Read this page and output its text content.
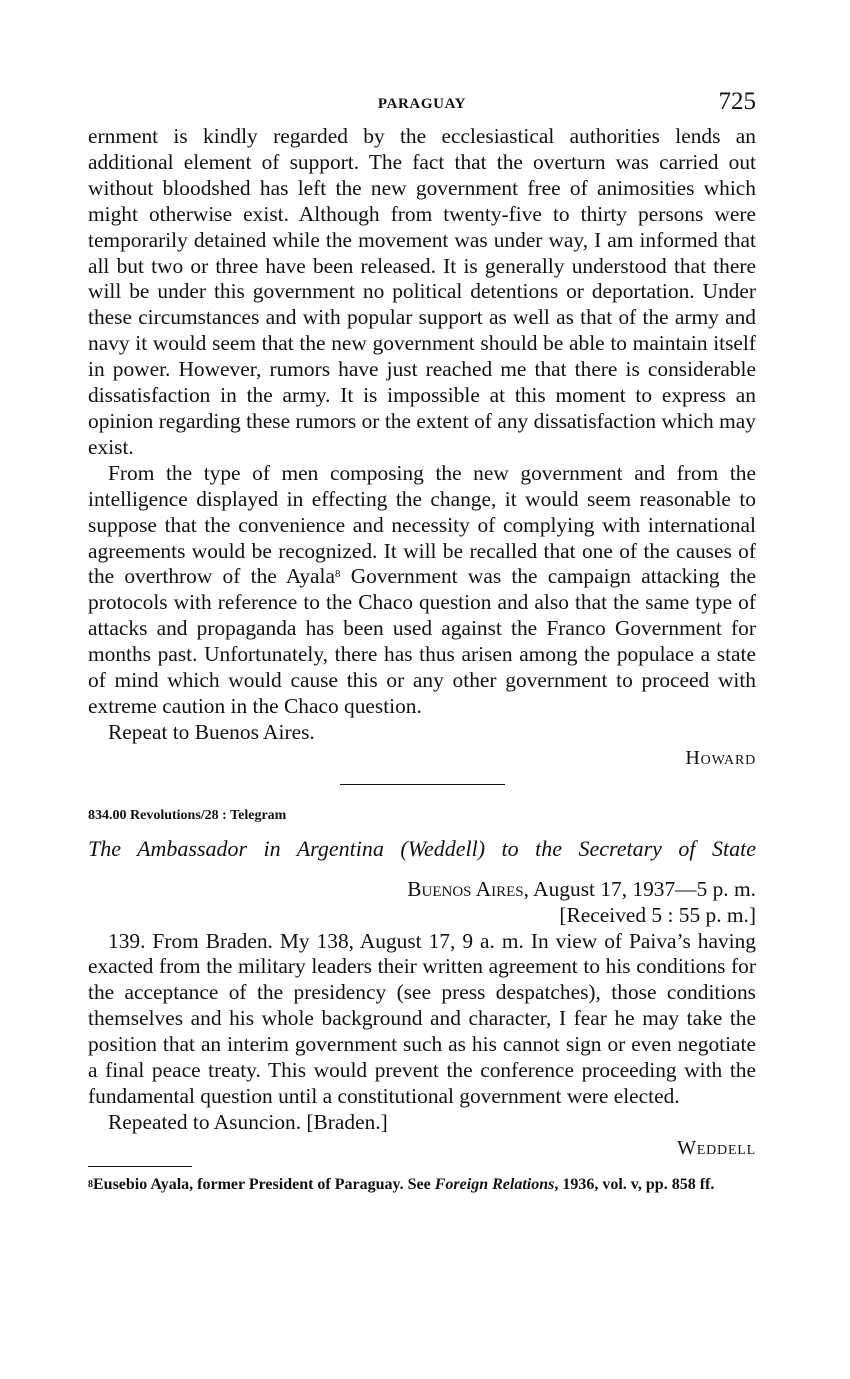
PARAGUAY	725

ernment is kindly regarded by the ecclesiastical authorities lends an additional element of support. The fact that the overturn was carried out without bloodshed has left the new government free of animosities which might otherwise exist. Although from twenty-five to thirty persons were temporarily detained while the movement was under way, I am informed that all but two or three have been released. It is generally understood that there will be under this government no political detentions or deportation. Under these circumstances and with popular support as well as that of the army and navy it would seem that the new government should be able to maintain itself in power. However, rumors have just reached me that there is considerable dissatisfaction in the army. It is impossible at this moment to express an opinion regarding these rumors or the extent of any dissatisfaction which may exist.

From the type of men composing the new government and from the intelligence displayed in effecting the change, it would seem reasonable to suppose that the convenience and necessity of complying with international agreements would be recognized. It will be recalled that one of the causes of the overthrow of the Ayala$^8$ Government was the campaign attacking the protocols with reference to the Chaco question and also that the same type of attacks and propaganda has been used against the Franco Government for months past. Unfortunately, there has thus arisen among the populace a state of mind which would cause this or any other government to proceed with extreme caution in the Chaco question.

Repeat to Buenos Aires.

Howard
834.00 Revolutions/28 : Telegram
The Ambassador in Argentina (Weddell) to the Secretary of State
Buenos Aires, August 17, 1937—5 p. m.
[Received 5 : 55 p. m.]

139. From Braden. My 138, August 17, 9 a. m. In view of Paiva’s having exacted from the military leaders their written agreement to his conditions for the acceptance of the presidency (see press despatches), those conditions themselves and his whole background and character, I fear he may take the position that an interim government such as his cannot sign or even negotiate a final peace treaty. This would prevent the conference proceeding with the fundamental question until a constitutional government were elected.

Repeated to Asuncion. [Braden.]

Weddell
$^8$Eusebio Ayala, former President of Paraguay. See Foreign Relations, 1936, vol. v, pp. 858 ff.
